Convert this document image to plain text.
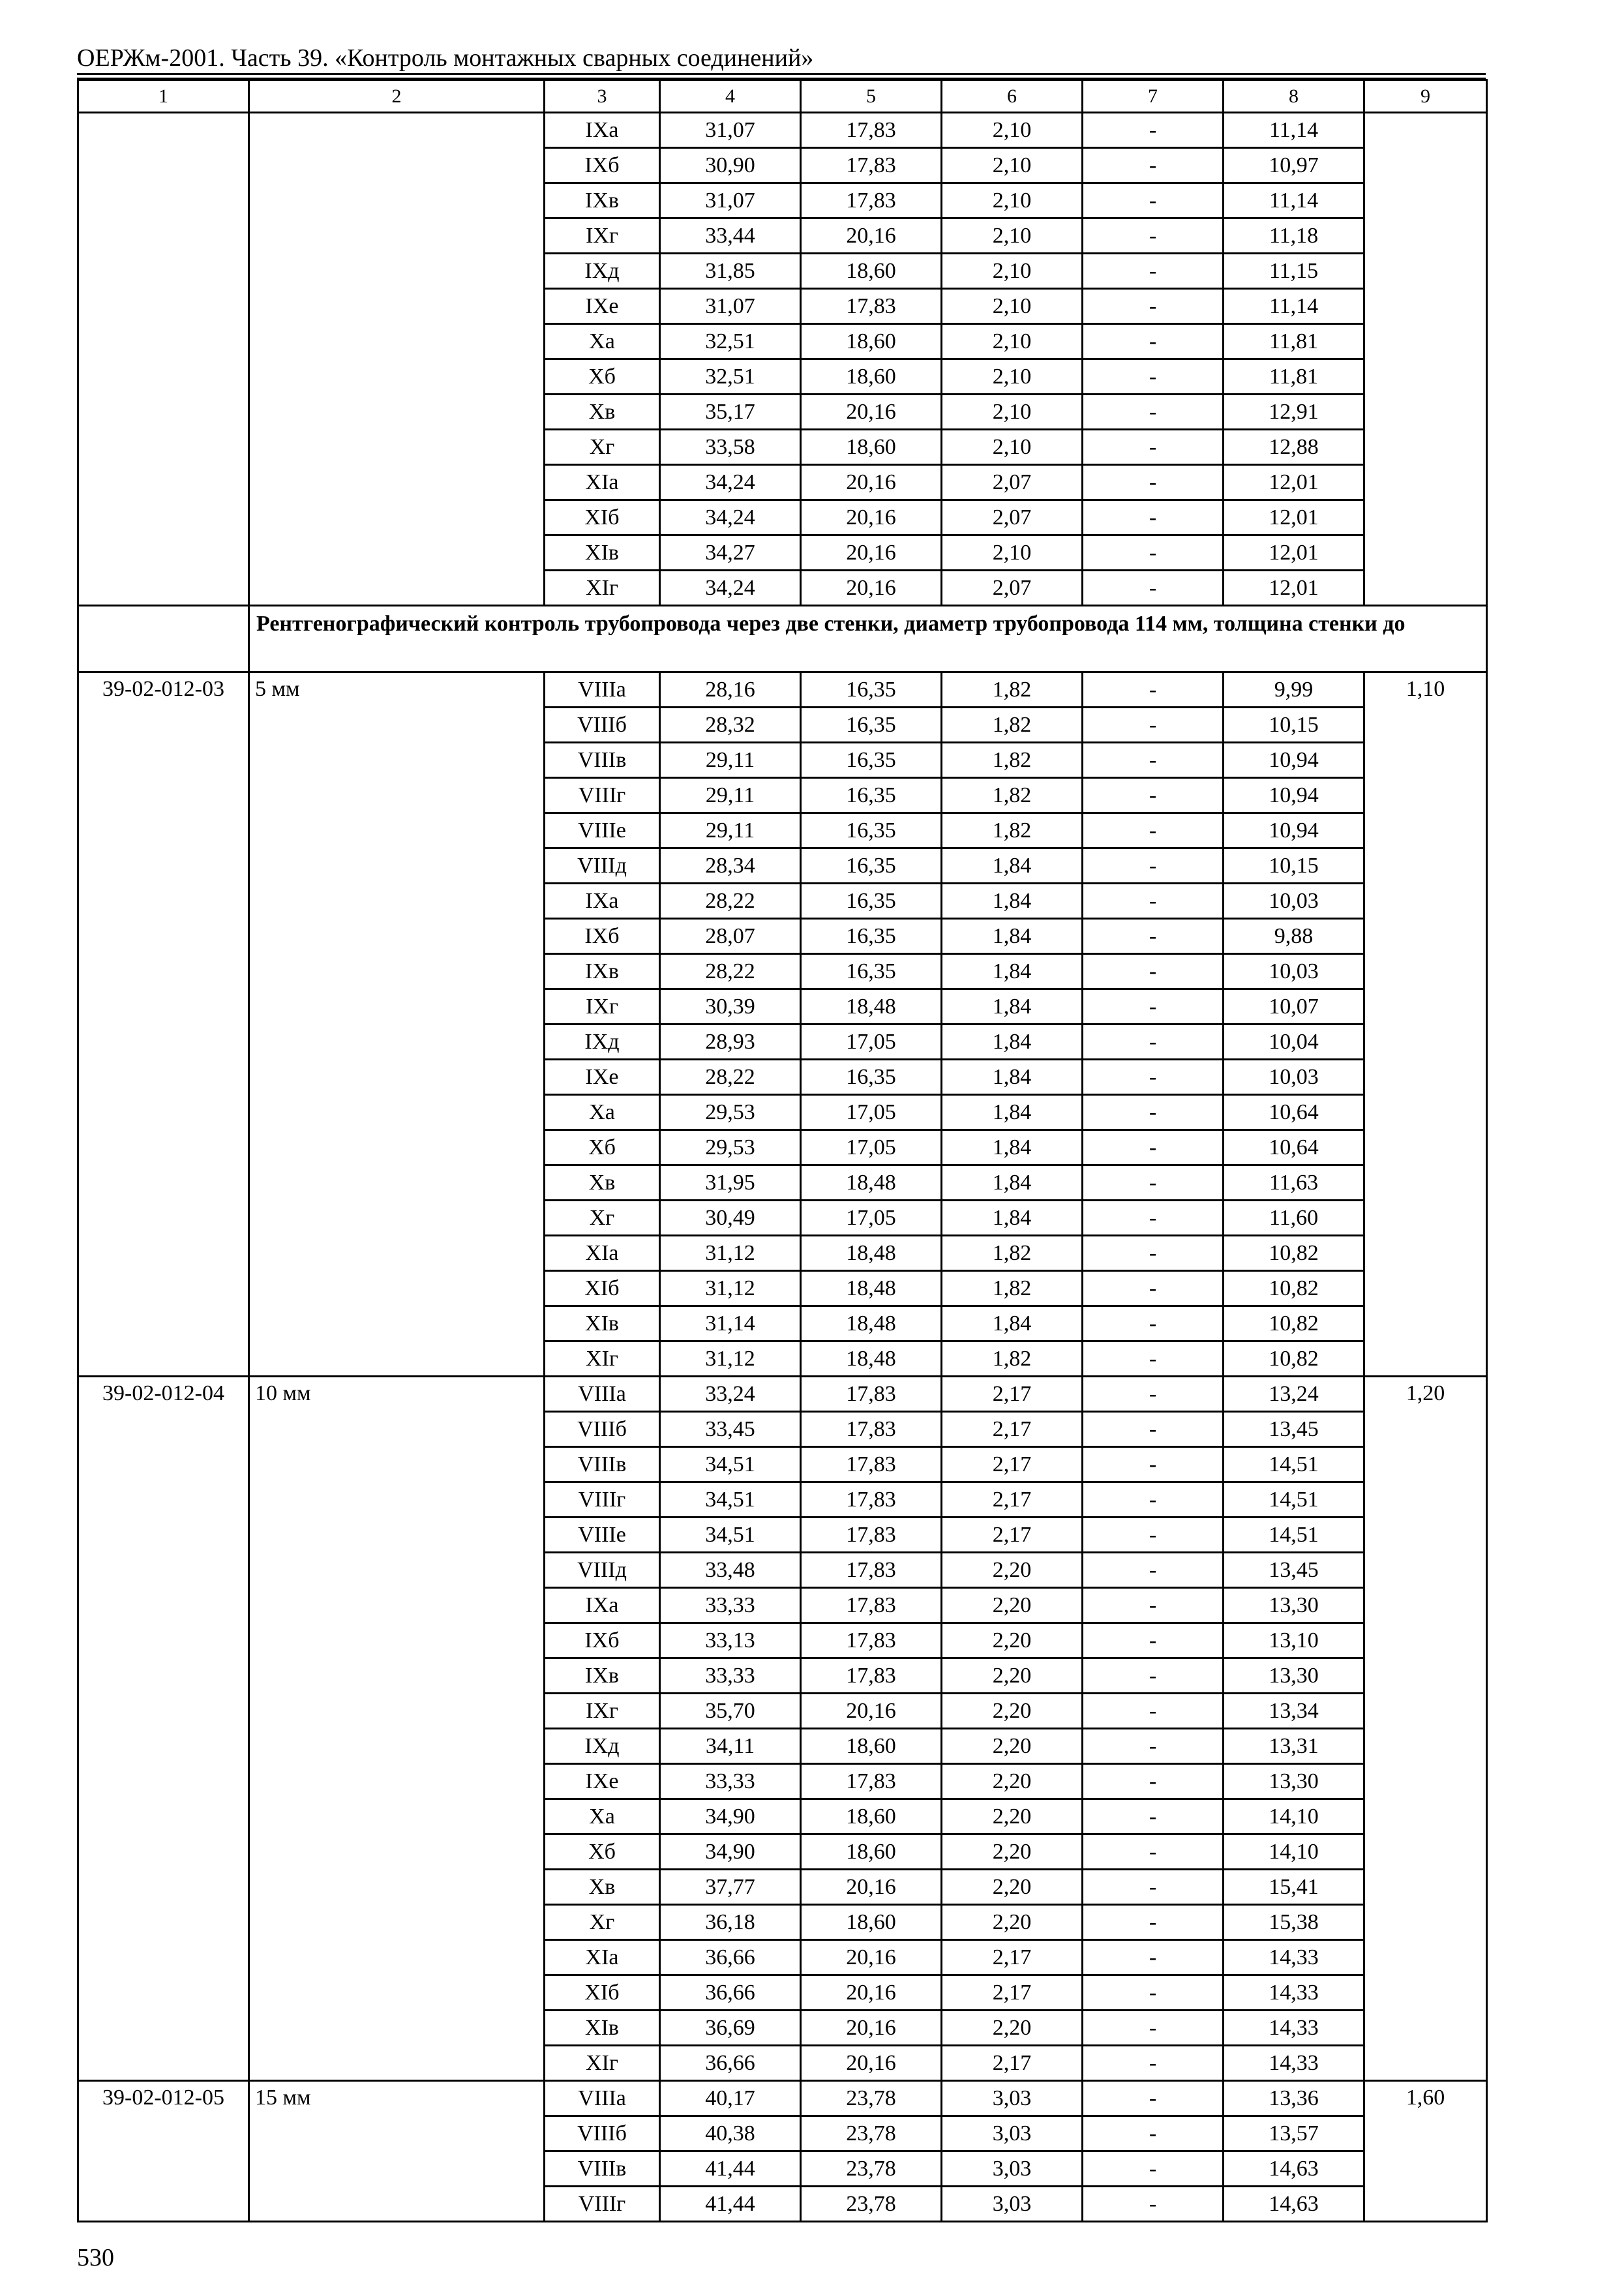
ОЕРЖм-2001. Часть 39. «Контроль монтажных сварных соединений»
1	2	3	4	5	6	7	8	9
		IXа	31,07	17,83	2,10	-	11,14	
		IXб	30,90	17,83	2,10	-	10,97	
		IXв	31,07	17,83	2,10	-	11,14	
		IXг	33,44	20,16	2,10	-	11,18	
		IXд	31,85	18,60	2,10	-	11,15	
		IXе	31,07	17,83	2,10	-	11,14	
		Xа	32,51	18,60	2,10	-	11,81	
		Xб	32,51	18,60	2,10	-	11,81	
		Xв	35,17	20,16	2,10	-	12,91	
		Xг	33,58	18,60	2,10	-	12,88	
		XIа	34,24	20,16	2,07	-	12,01	
		XIб	34,24	20,16	2,07	-	12,01	
		XIв	34,27	20,16	2,10	-	12,01	
		XIг	34,24	20,16	2,07	-	12,01	
	Рентгенографический контроль трубопровода через две стенки, диаметр трубопровода 114 мм, толщина стенки до							
39-02-012-03	5 мм	VIIIа	28,16	16,35	1,82	-	9,99	1,10
		VIIIб	28,32	16,35	1,82	-	10,15	
		VIIIв	29,11	16,35	1,82	-	10,94	
		VIIIг	29,11	16,35	1,82	-	10,94	
		VIIIе	29,11	16,35	1,82	-	10,94	
		VIIIд	28,34	16,35	1,84	-	10,15	
		IXа	28,22	16,35	1,84	-	10,03	
		IXб	28,07	16,35	1,84	-	9,88	
		IXв	28,22	16,35	1,84	-	10,03	
		IXг	30,39	18,48	1,84	-	10,07	
		IXд	28,93	17,05	1,84	-	10,04	
		IXе	28,22	16,35	1,84	-	10,03	
		Xа	29,53	17,05	1,84	-	10,64	
		Xб	29,53	17,05	1,84	-	10,64	
		Xв	31,95	18,48	1,84	-	11,63	
		Xг	30,49	17,05	1,84	-	11,60	
		XIа	31,12	18,48	1,82	-	10,82	
		XIб	31,12	18,48	1,82	-	10,82	
		XIв	31,14	18,48	1,84	-	10,82	
		XIг	31,12	18,48	1,82	-	10,82	
39-02-012-04	10 мм	VIIIа	33,24	17,83	2,17	-	13,24	1,20
		VIIIб	33,45	17,83	2,17	-	13,45	
		VIIIв	34,51	17,83	2,17	-	14,51	
		VIIIг	34,51	17,83	2,17	-	14,51	
		VIIIе	34,51	17,83	2,17	-	14,51	
		VIIIд	33,48	17,83	2,20	-	13,45	
		IXа	33,33	17,83	2,20	-	13,30	
		IXб	33,13	17,83	2,20	-	13,10	
		IXв	33,33	17,83	2,20	-	13,30	
		IXг	35,70	20,16	2,20	-	13,34	
		IXд	34,11	18,60	2,20	-	13,31	
		IXе	33,33	17,83	2,20	-	13,30	
		Xа	34,90	18,60	2,20	-	14,10	
		Xб	34,90	18,60	2,20	-	14,10	
		Xв	37,77	20,16	2,20	-	15,41	
		Xг	36,18	18,60	2,20	-	15,38	
		XIа	36,66	20,16	2,17	-	14,33	
		XIб	36,66	20,16	2,17	-	14,33	
		XIв	36,69	20,16	2,20	-	14,33	
		XIг	36,66	20,16	2,17	-	14,33	
39-02-012-05	15 мм	VIIIа	40,17	23,78	3,03	-	13,36	1,60
		VIIIб	40,38	23,78	3,03	-	13,57	
		VIIIв	41,44	23,78	3,03	-	14,63	
		VIIIг	41,44	23,78	3,03	-	14,63	
530
